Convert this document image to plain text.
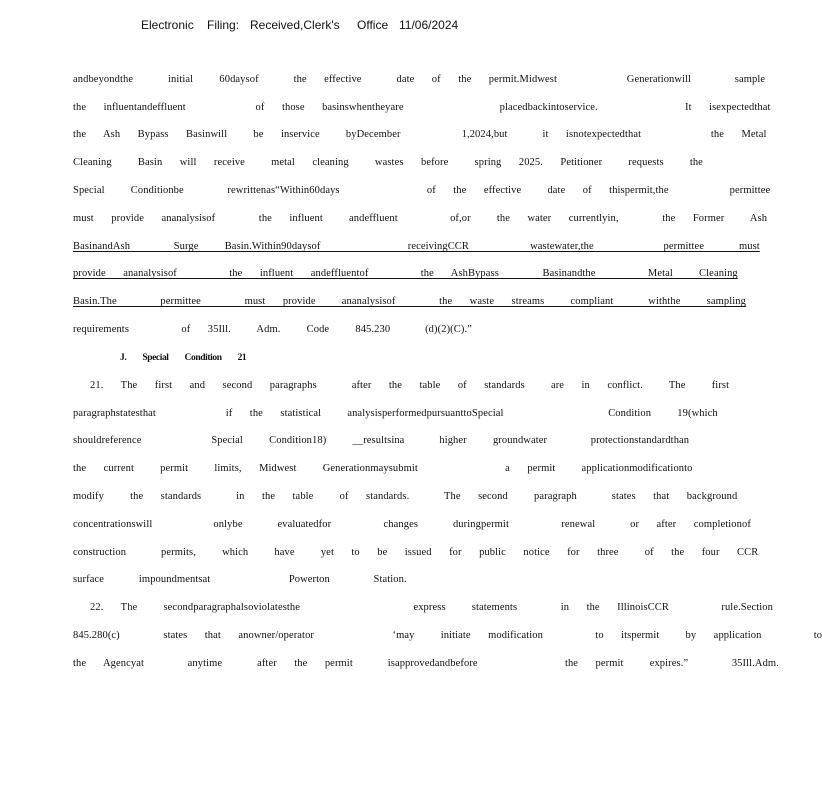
Electronic Filing: Received,Clerk's Office 11/06/2024
andbeyondthe    initial   60daysof    the  effective    date  of  the  permit.Midwest        Generationwill     sample
the  influentandeffluent        of  those  basinswhentheyare           placedbackintoservice.          It  isexpectedthat
the  Ash  Bypass  Basinwill   be  inservice   byDecember       1,2024,but    it  isnotexpectedthat        the  Metal
Cleaning   Basin  will  receive   metal  cleaning   wastes  before   spring  2025.  Petitioner   requests   the
Special   Conditionbe     rewrittenas“Within60days          of  the  effective   date  of  thispermit,the       permittee
must  provide  ananalysisof     the  influent   andeffluent      of,or   the  water  currentlyin,     the  Former   Ash
BasinandAsh     Surge   Basin.Within90daysof          receivingCCR       wastewater,the        permittee    must
provide  ananalysisof      the  influent  andeffluentof      the  AshBypass     Basinandthe      Metal   Cleaning
Basin.The     permittee     must  provide   ananalysisof     the  waste  streams   compliant    withthe   sampling
requirements      of  35Ill.   Adm.   Code   845.230    (d)(2)(C).”
J. Special Condition 21
21.  The  first  and  second  paragraphs    after  the  table  of  standards   are  in  conflict.   The   first
paragraphstatesthat        if  the  statistical   analysisperformedpursuanttoSpecial            Condition   19(which
shouldreference        Special   Condition18)   __resultsina    higher   groundwater     protectionstandardthan
the  current   permit   limits,  Midwest   Generationmaysubmit          a  permit   applicationmodificationto
modify   the  standards    in  the  table   of  standards.    The  second   paragraph    states  that  background
concentrationswill       onlybe    evaluatedfor      changes    duringpermit      renewal    or  after  completionof
construction    permits,   which   have   yet  to  be  issued  for  public  notice  for  three   of  the  four  CCR
surface    impoundmentsat         Powerton     Station.
22.  The   secondparagraphalsoviolatesthe             express   statements     in  the  IllinoisCCR      rule.Section
845.280(c)     states  that  anowner/operator         ‘may   initiate  modification      to  itspermit   by  application      to
the  Agencyat     anytime    after  the  permit    isapprovedandbefore          the  permit   expires.”     35Ill.Adm.
